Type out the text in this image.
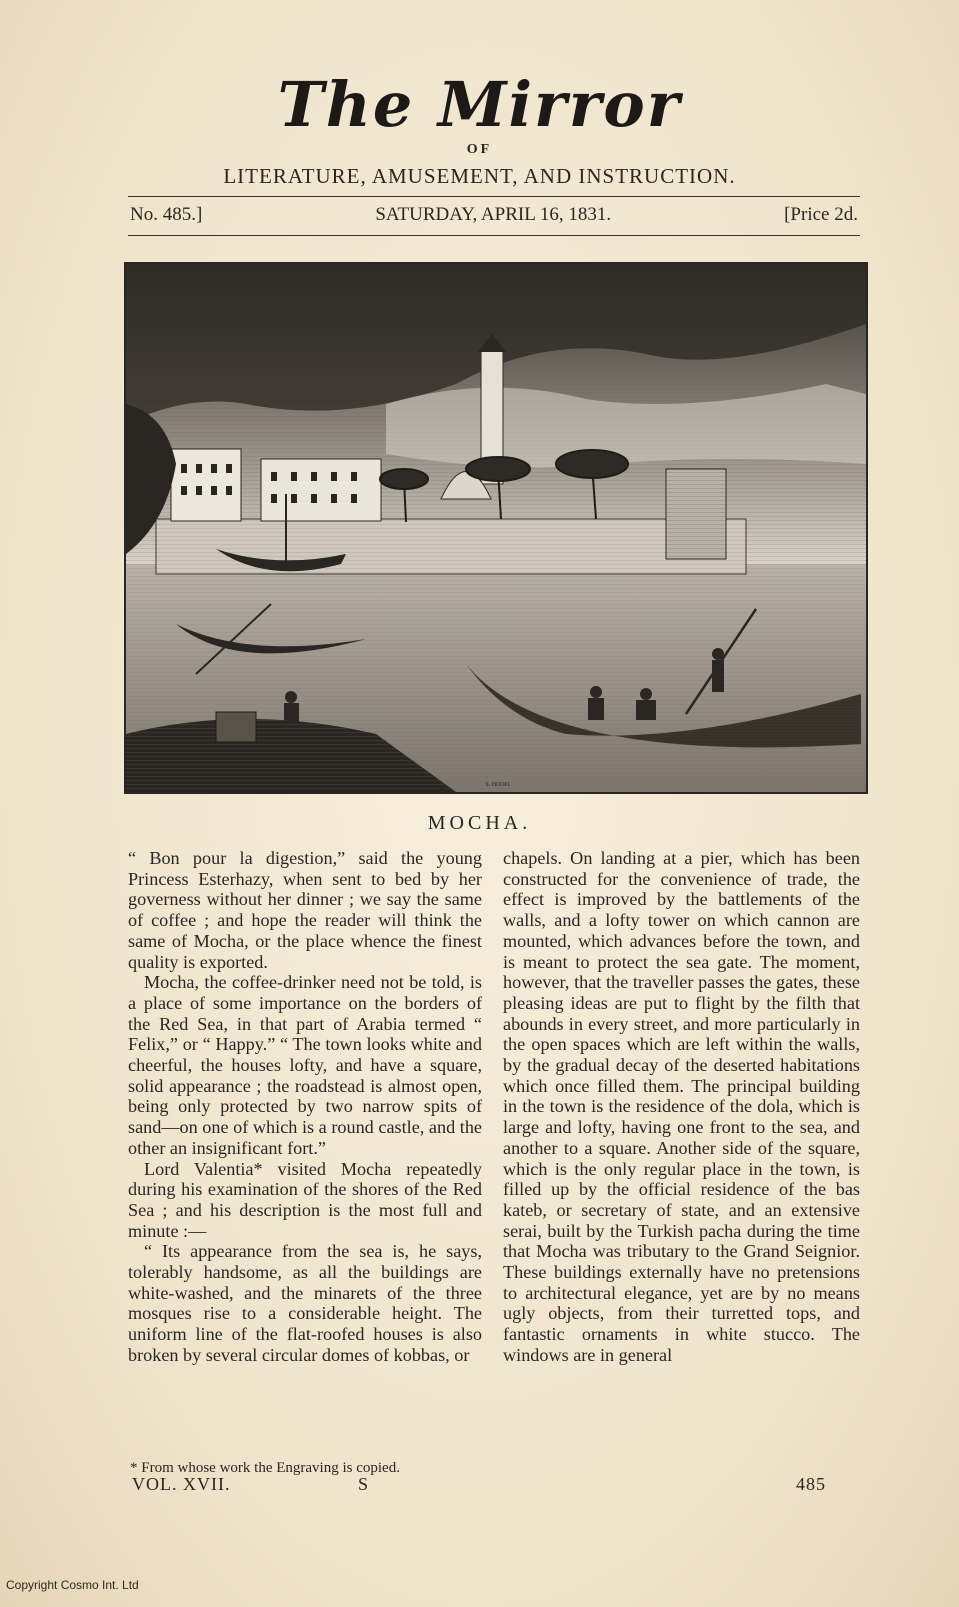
The Mirror
OF
LITERATURE, AMUSEMENT, AND INSTRUCTION.
No. 485.]	SATURDAY, APRIL 16, 1831.	[Price 2d.
S. HOOD.
MOCHA.

“ Bon pour la digestion,” said the young Princess Esterhazy, when sent to bed by her governess without her dinner ; we say the same of coffee ; and hope the reader will think the same of Mocha, or the place whence the finest quality is exported.

Mocha, the coffee-drinker need not be told, is a place of some importance on the borders of the Red Sea, in that part of Arabia termed “ Felix,” or “ Happy.” “ The town looks white and cheerful, the houses lofty, and have a square, solid appearance ; the roadstead is almost open, being only protected by two narrow spits of sand—on one of which is a round castle, and the other an insignificant fort.”

Lord Valentia* visited Mocha repeatedly during his examination of the shores of the Red Sea ; and his description is the most full and minute :—

“ Its appearance from the sea is, he says, tolerably handsome, as all the buildings are white-washed, and the minarets of the three mosques rise to a considerable height. The uniform line of the flat-roofed houses is also broken by several circular domes of kobbas, or

chapels. On landing at a pier, which has been constructed for the convenience of trade, the effect is improved by the battlements of the walls, and a lofty tower on which cannon are mounted, which advances before the town, and is meant to protect the sea gate. The moment, however, that the traveller passes the gates, these pleasing ideas are put to flight by the filth that abounds in every street, and more particularly in the open spaces which are left within the walls, by the gradual decay of the deserted habitations which once filled them. The principal building in the town is the residence of the dola, which is large and lofty, having one front to the sea, and another to a square. Another side of the square, which is the only regular place in the town, is filled up by the official residence of the bas kateb, or secretary of state, and an extensive serai, built by the Turkish pacha during the time that Mocha was tributary to the Grand Seignior. These buildings externally have no pretensions to architectural elegance, yet are by no means ugly objects, from their turretted tops, and fantastic ornaments in white stucco. The windows are in general

* From whose work the Engraving is copied.
VOL. XVII.	S	485
Copyright Cosmo Int. Ltd
